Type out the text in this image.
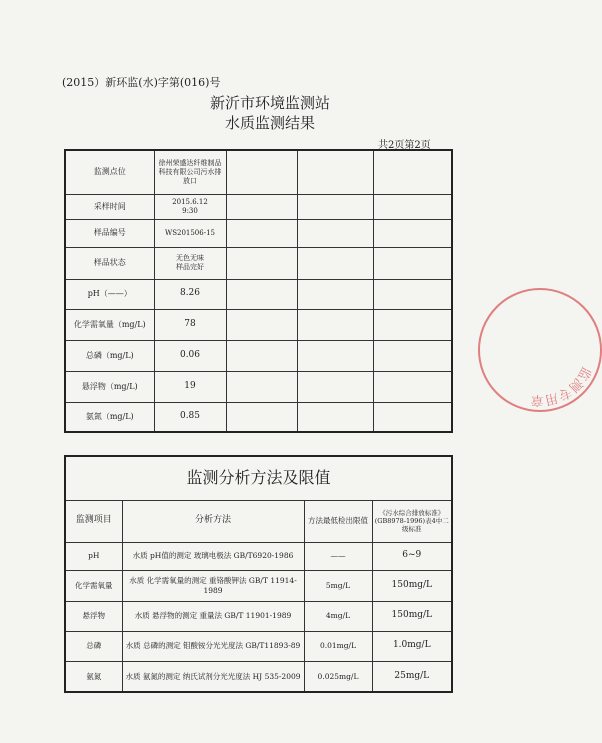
(2015）新环监(水)字第(016)号
新沂市环境监测站
水质监测结果
共2页第2页
监测点位	徐州荣盛达纤维制品科技有限公司污水排放口			
采样时间	2015.6.12
9:30			

样品编号	WS201506-15			
样品状态	无色无味
样品完好			

pH（——）	8.26			
化学需氧量（mg/L)	78			
总磷（mg/L)	0.06			
悬浮物（mg/L)	19			
氨氮（mg/L)	0.85			
监测分析方法及限值			
监测项目	分析方法	方法最低检出限值	《污水综合排放标准》(GB8978-1996)表4中二级标准
pH	水质 pH值的测定 玻璃电极法 GB/T6920-1986	——	6~9
化学需氧量	水质 化学需氧量的测定 重铬酸钾法 GB/T 11914-1989	5mg/L	150mg/L
悬浮物	水质 悬浮物的测定 重量法 GB/T 11901-1989	4mg/L	150mg/L
总磷	水质 总磷的测定 钼酸铵分光光度法 GB/T11893-89	0.01mg/L	1.0mg/L
氨氮	水质 氨氮的测定 纳氏试剂分光光度法 HJ 535-2009	0.025mg/L	25mg/L
监测专用章
